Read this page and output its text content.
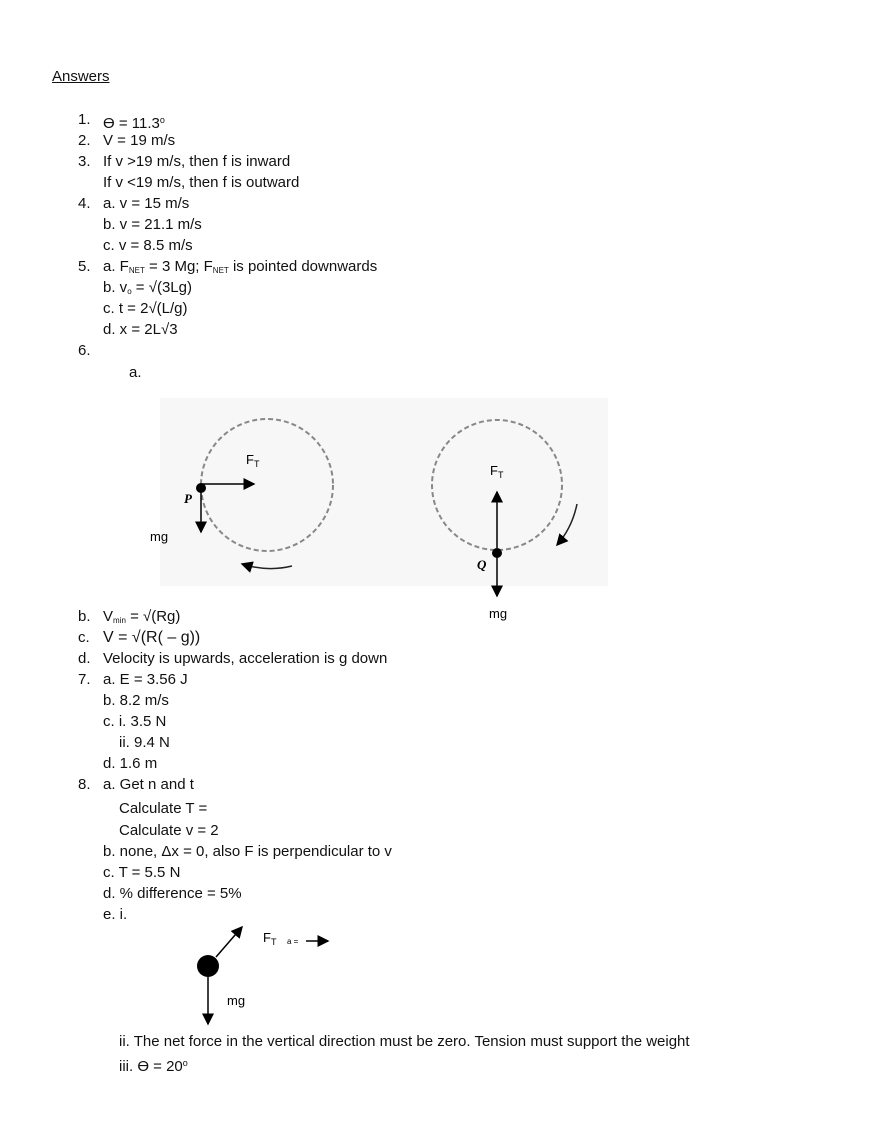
Answers
1. Ɵ = $11.3^o$
2. V = 19 m/s
3. If v >19 m/s, then f is inward
If v <19 m/s, then f is outward
4. a. v = 15 m/s
b. v = 21.1 m/s
c. v = 8.5 m/s
5. a. $F_{NET} = 3$ Mg; $F_{NET}$ is pointed downwards
b. $v_o = √(3Lg)$
c. t = 2√(L/g)
d. x = 2L√3
6.
a.
$F_T$
P
mg
$F_T$
Q
mg
b. $V_{min} = √(Rg)$
c. V = √(R( – g))
d. Velocity is upwards, acceleration is g down
7. a. E = 3.56 J
b. 8.2 m/s
c. i. 3.5 N
ii. 9.4 N
d. 1.6 m
8. a. Get n and t
Calculate T =
Calculate v = 2
b. none, Δx = 0, also F is perpendicular to v
c. T = 5.5 N
d. % difference = 5%
e. i.
$F_T$ a =
mg
ii. The net force in the vertical direction must be zero. Tension must support the weight
iii. Ɵ = $20^o$
